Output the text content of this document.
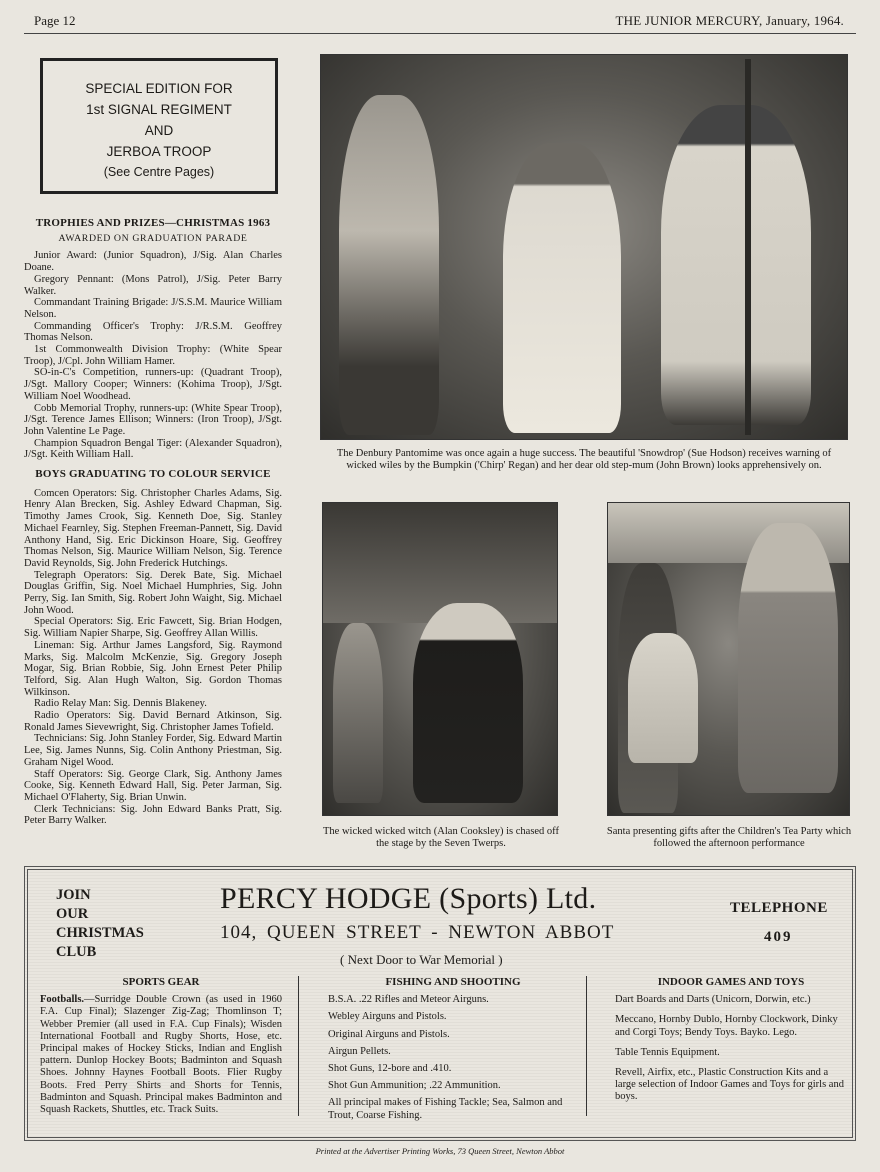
Page 12	THE JUNIOR MERCURY, January, 1964.
SPECIAL EDITION FOR
1st SIGNAL REGIMENT
AND
JERBOA TROOP
(See Centre Pages)
TROPHIES AND PRIZES—CHRISTMAS 1963
AWARDED ON GRADUATION PARADE
Junior Award: (Junior Squadron), J/Sig. Alan Charles Doane.
Gregory Pennant: (Mons Patrol), J/Sig. Peter Barry Walker.
Commandant Training Brigade: J/S.S.M. Maurice William Nelson.
Commanding Officer's Trophy: J/R.S.M. Geoffrey Thomas Nelson.
1st Commonwealth Division Trophy: (White Spear Troop), J/Cpl. John William Hamer.
SO-in-C's Competition, runners-up: (Quadrant Troop), J/Sgt. Mallory Cooper; Winners: (Kohima Troop), J/Sgt. William Noel Woodhead.
Cobb Memorial Trophy, runners-up: (White Spear Troop), J/Sgt. Terence James Ellison; Winners: (Iron Troop), J/Sgt. John Valentine Le Page.
Champion Squadron Bengal Tiger: (Alexander Squadron), J/Sgt. Keith William Hall.
BOYS GRADUATING TO COLOUR SERVICE
Comcen Operators: Sig. Christopher Charles Adams, Sig. Henry Alan Brecken, Sig. Ashley Edward Chapman, Sig. Timothy James Crook, Sig. Kenneth Doe, Sig. Stanley Michael Fearnley, Sig. Stephen Freeman-Pannett, Sig. David Anthony Hand, Sig. Eric Dickinson Hoare, Sig. Geoffrey Thomas Nelson, Sig. Maurice William Nelson, Sig. Terence David Reynolds, Sig. John Frederick Hutchings.
Telegraph Operators: Sig. Derek Bate, Sig. Michael Douglas Griffin, Sig. Noel Michael Humphries, Sig. John Perry, Sig. Ian Smith, Sig. Robert John Waight, Sig. Michael John Wood.
Special Operators: Sig. Eric Fawcett, Sig. Brian Hodgen, Sig. William Napier Sharpe, Sig. Geoffrey Allan Willis.
Lineman: Sig. Arthur James Langsford, Sig. Raymond Marks, Sig. Malcolm McKenzie, Sig. Gregory Joseph Mogar, Sig. Brian Robbie, Sig. John Ernest Peter Philip Telford, Sig. Alan Hugh Walton, Sig. Gordon Thomas Wilkinson.
Radio Relay Man: Sig. Dennis Blakeney.
Radio Operators: Sig. David Bernard Atkinson, Sig. Ronald James Sievewright, Sig. Christopher James Tofield.
Technicians: Sig. John Stanley Forder, Sig. Edward Martin Lee, Sig. James Nunns, Sig. Colin Anthony Priestman, Sig. Graham Nigel Wood.
Staff Operators: Sig. George Clark, Sig. Anthony James Cooke, Sig. Kenneth Edward Hall, Sig. Peter Jarman, Sig. Michael O'Flaherty, Sig. Brian Unwin.
Clerk Technicians: Sig. John Edward Banks Pratt, Sig. Peter Barry Walker.
The Denbury Pantomime was once again a huge success. The beautiful 'Snowdrop' (Sue Hodson) receives warning of wicked wiles by the Bumpkin ('Chirp' Regan) and her dear old step-mum (John Brown) looks apprehensively on.
The wicked wicked witch (Alan Cooksley) is chased off the stage by the Seven Twerps.
Santa presenting gifts after the Children's Tea Party which followed the afternoon performance
JOIN
OUR
CHRISTMAS
CLUB
PERCY HODGE (Sports) Ltd.
104, QUEEN STREET - NEWTON ABBOT
TELEPHONE
409
( Next Door to War Memorial )
SPORTS GEAR
Footballs.—Surridge Double Crown (as used in 1960 F.A. Cup Final); Slazenger Zig-Zag; Thomlinson T; Webber Premier (all used in F.A. Cup Finals); Wisden International Football and Rugby Shorts, Hose, etc. Principal makes of Hockey Sticks, Indian and English pattern. Dunlop Hockey Boots; Badminton and Squash Shoes. Johnny Haynes Football Boots. Flier Rugby Boots. Fred Perry Shirts and Shorts for Tennis, Badminton and Squash. Principal makes Badminton and Squash Rackets, Shuttles, etc. Track Suits.
FISHING AND SHOOTING
B.S.A. .22 Rifles and Meteor Airguns.
Webley Airguns and Pistols.
Original Airguns and Pistols.
Airgun Pellets.
Shot Guns, 12-bore and .410.
Shot Gun Ammunition; .22 Ammunition.
All principal makes of Fishing Tackle; Sea, Salmon and Trout, Coarse Fishing.
INDOOR GAMES AND TOYS
Dart Boards and Darts (Unicorn, Dorwin, etc.)
Meccano, Hornby Dublo, Hornby Clockwork, Dinky and Corgi Toys; Bendy Toys. Bayko. Lego.
Table Tennis Equipment.
Revell, Airfix, etc., Plastic Construction Kits and a large selection of Indoor Games and Toys for girls and boys.
Printed at the Advertiser Printing Works, 73 Queen Street, Newton Abbot
